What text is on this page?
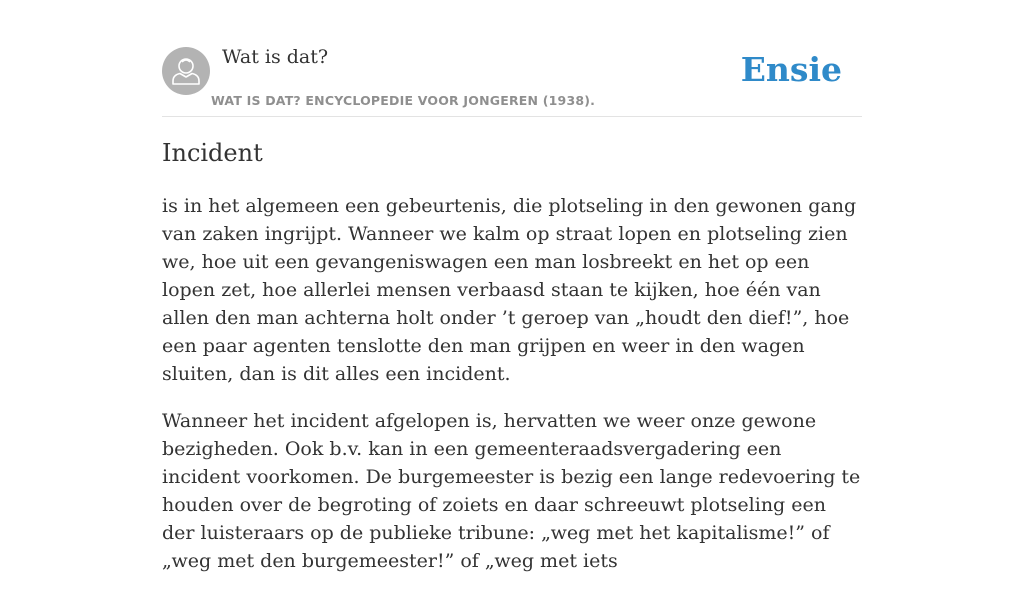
Wat is dat?
WAT IS DAT? ENCYCLOPEDIE VOOR JONGEREN (1938).
Ensie
Incident

is in het algemeen een gebeurtenis, die plotseling in den gewonen gang van zaken ingrijpt. Wanneer we kalm op straat lopen en plotseling zien we, hoe uit een gevangeniswagen een man losbreekt en het op een lopen zet, hoe allerlei mensen verbaasd staan te kijken, hoe één van allen den man achterna holt onder ’t geroep van „houdt den dief!”, hoe een paar agenten tenslotte den man grijpen en weer in den wagen sluiten, dan is dit alles een incident.

Wanneer het incident afgelopen is, hervatten we weer onze gewone bezigheden. Ook b.v. kan in een gemeenteraadsvergadering een incident voorkomen. De burgemeester is bezig een lange redevoering te houden over de begroting of zoiets en daar schreeuwt plotseling een der luisteraars op de publieke tribune: „weg met het kapitalisme!” of „weg met den burgemeester!” of „weg met iets
